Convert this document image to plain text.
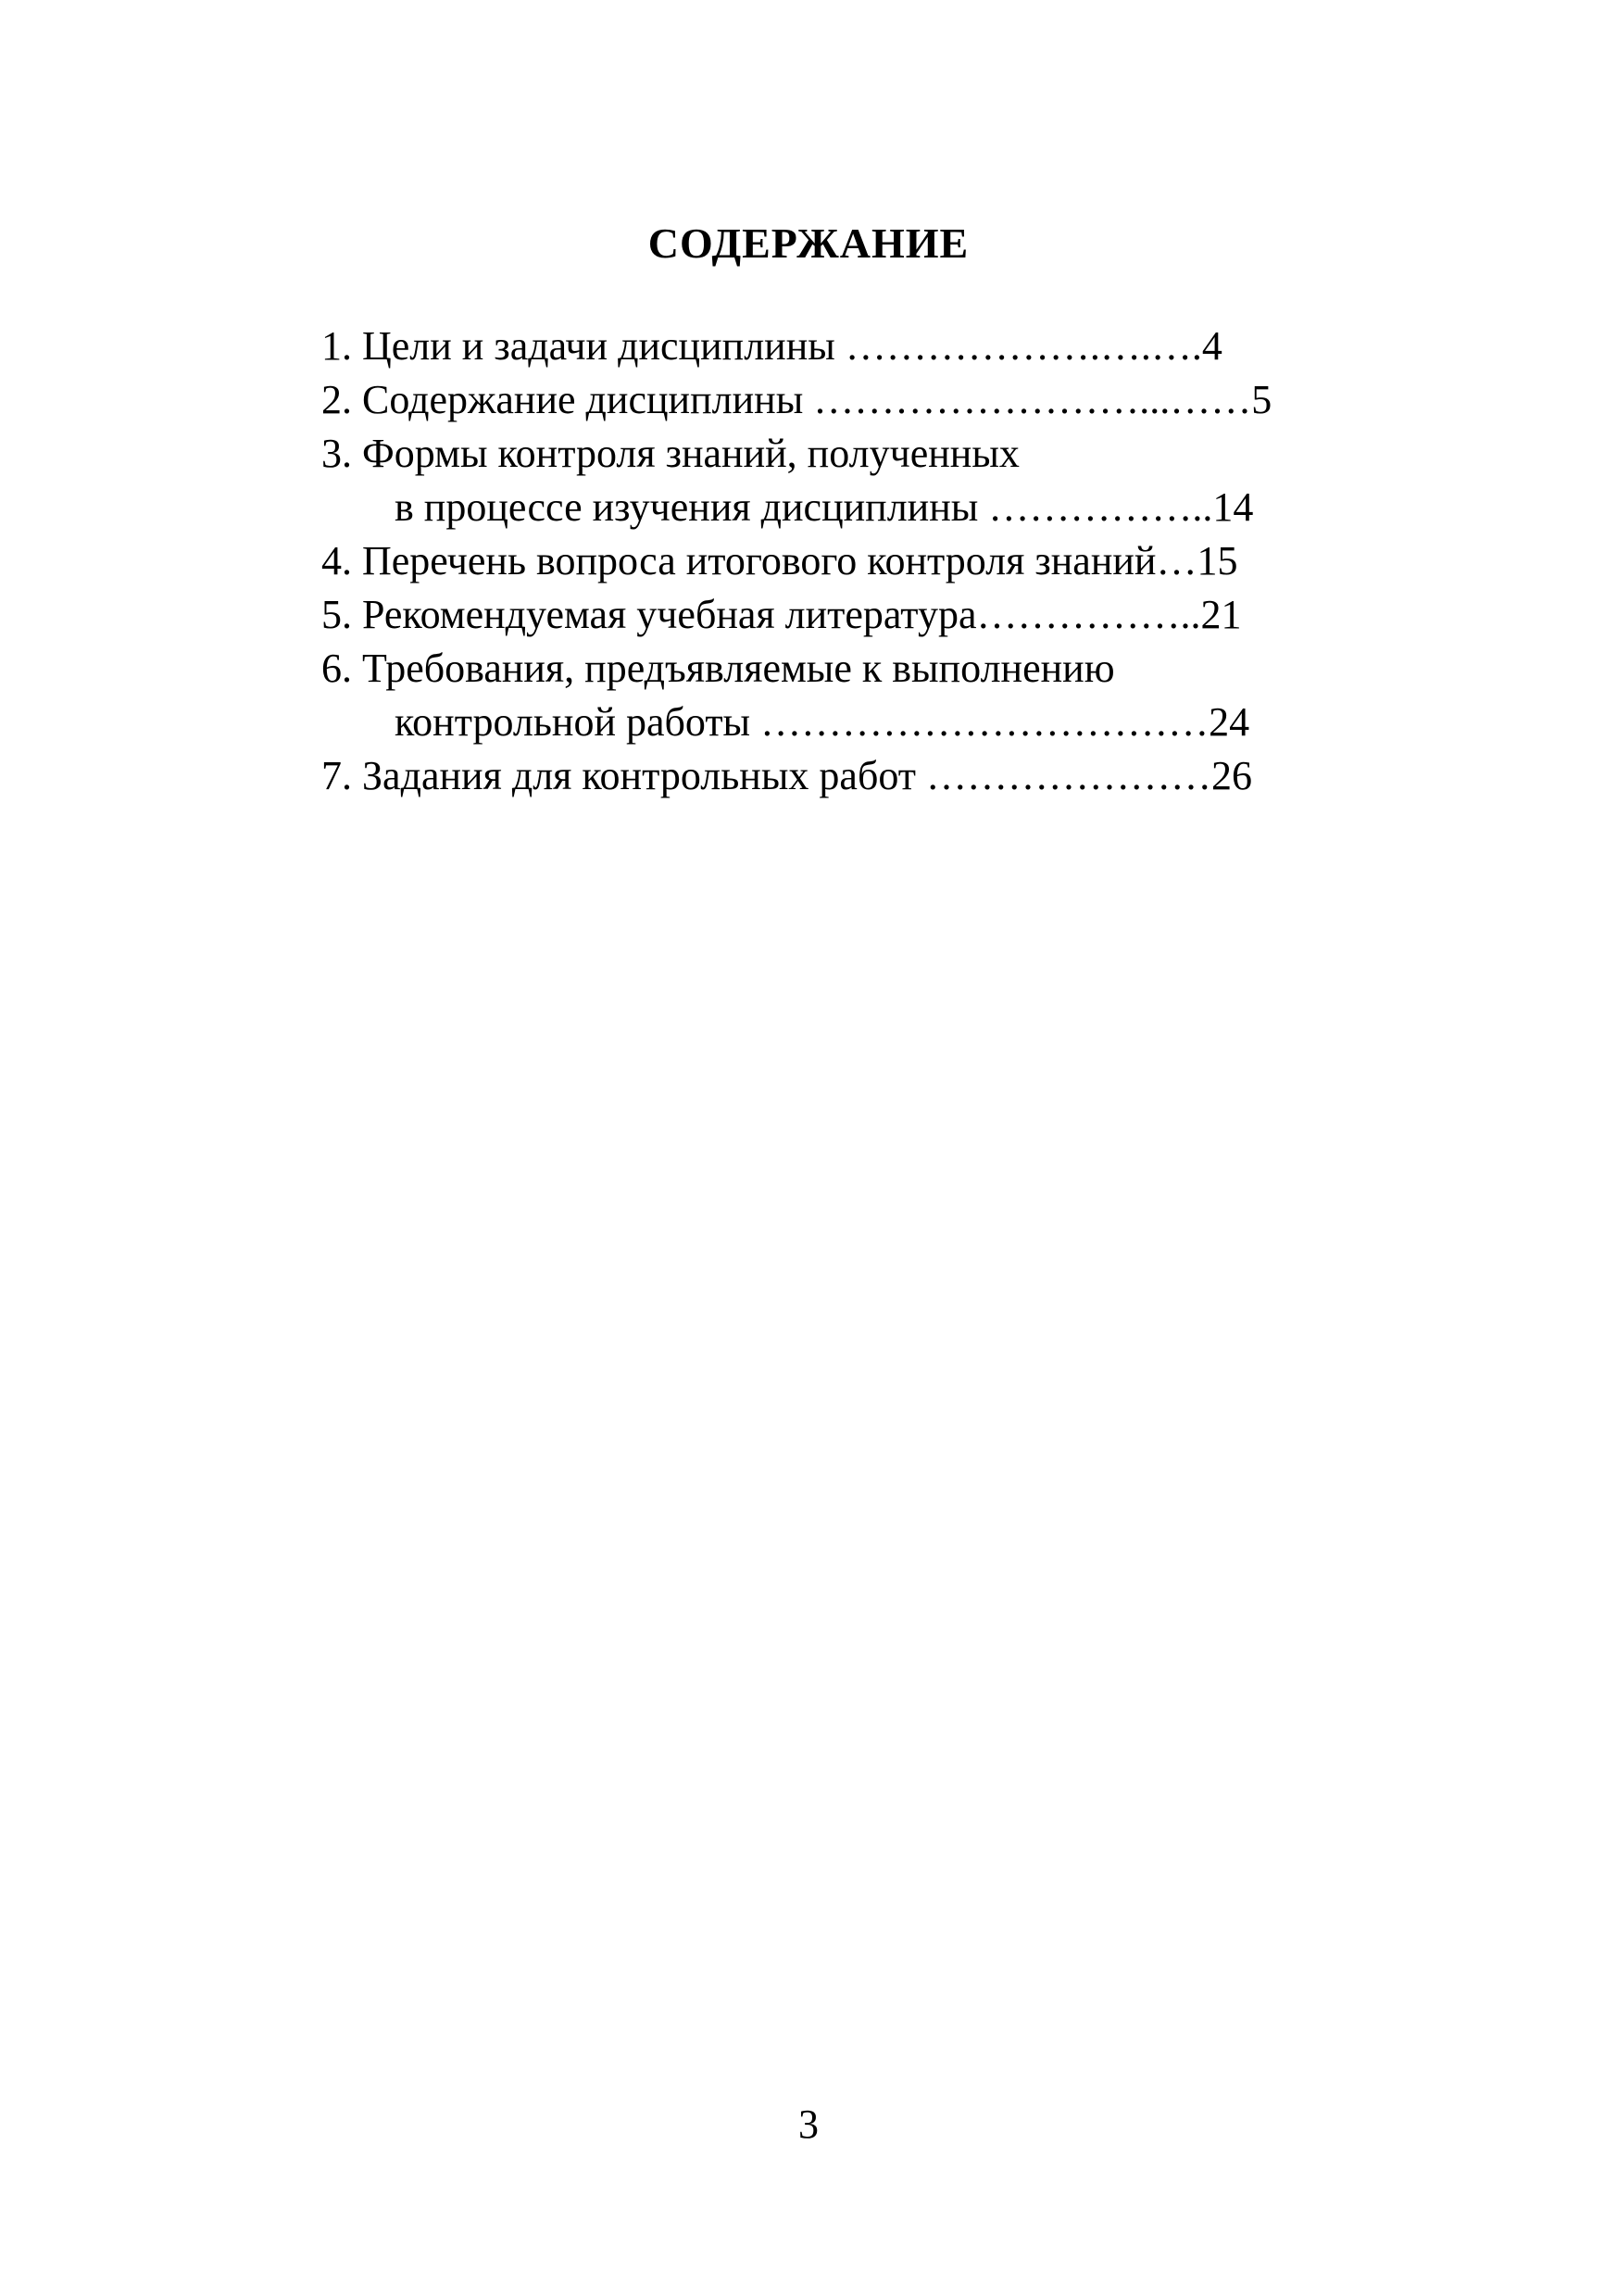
СОДЕРЖАНИЕ
1. Цели и задачи дисциплины ……………….….….4
2. Содержание дисциплины ……………………...……5
3. Формы контроля знаний, полученных
в процессе изучения дисциплины ……………..14
4. Перечень вопроса итогового контроля знаний…15
5. Рекомендуемая учебная литература……………..21
6. Требования, предъявляемые к выполнению
контрольной работы ……………………………24
7. Задания для контрольных работ …………………26
3
